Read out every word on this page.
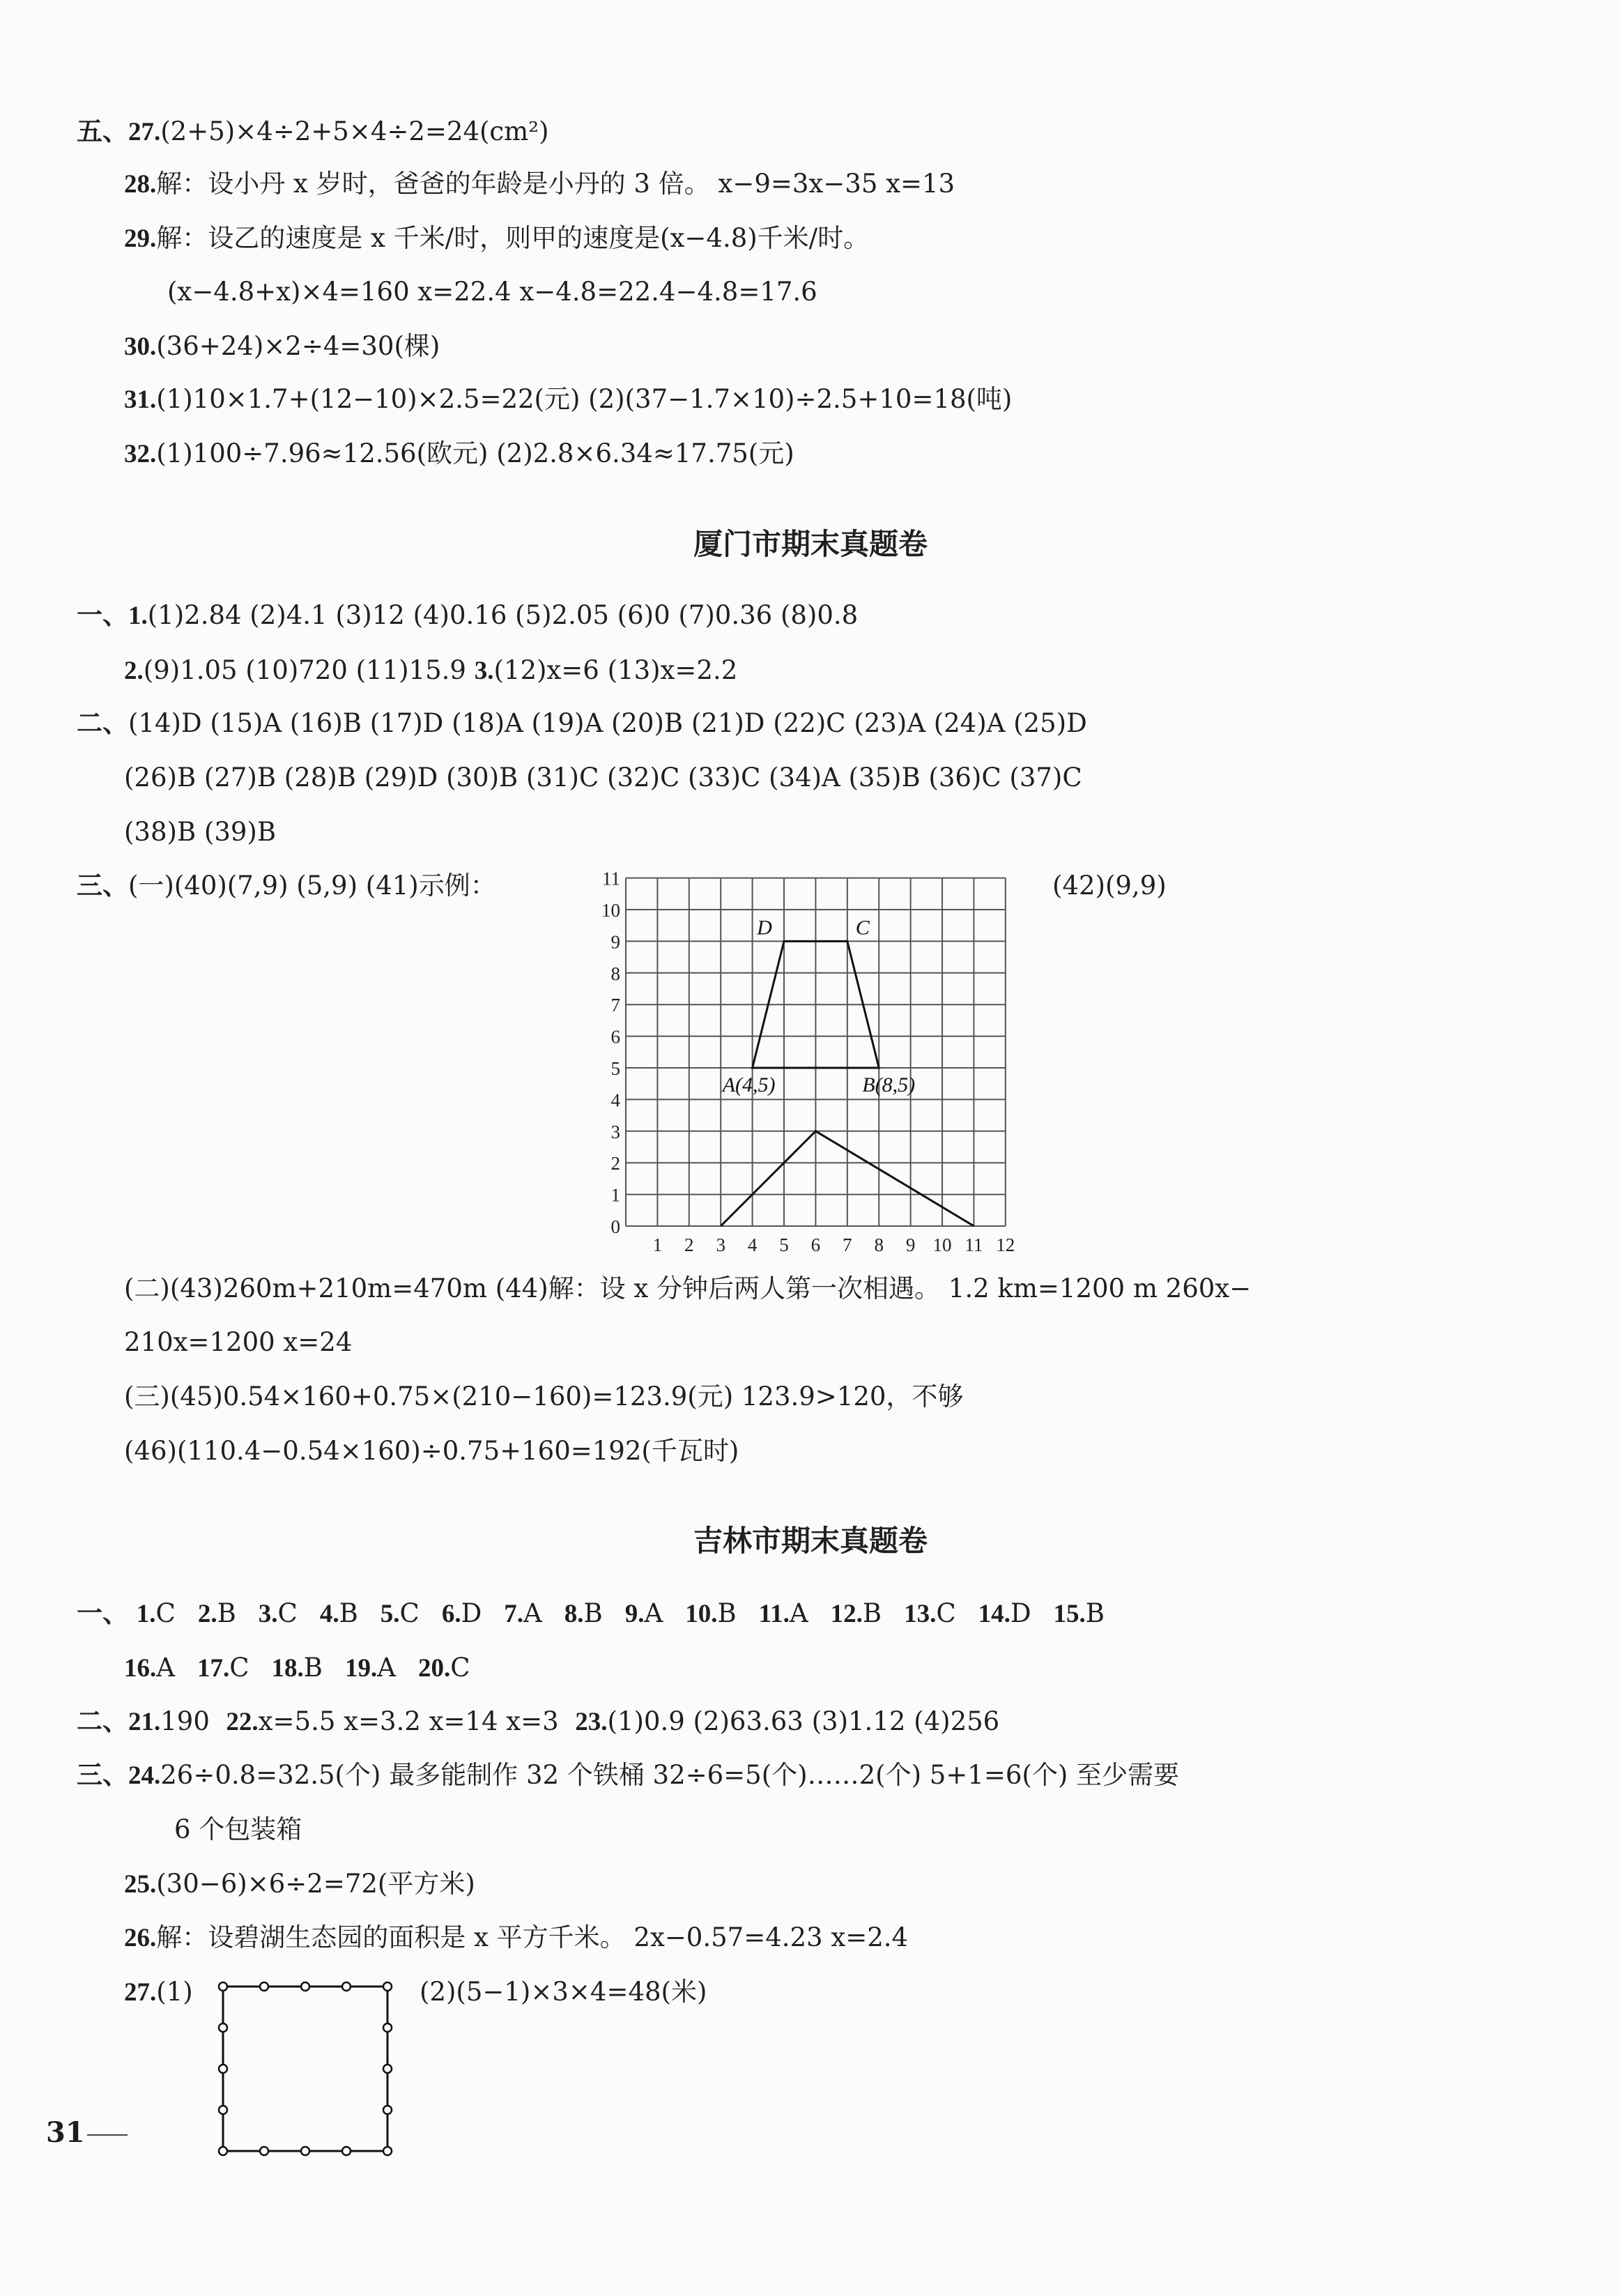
五、27.(2+5)×4÷2+5×4÷2=24(cm²)
28.解：设小丹 x 岁时，爸爸的年龄是小丹的 3 倍。 x−9=3x−35 x=13
29.解：设乙的速度是 x 千米/时，则甲的速度是(x−4.8)千米/时。
(x−4.8+x)×4=160 x=22.4 x−4.8=22.4−4.8=17.6
30.(36+24)×2÷4=30(棵)
31.(1)10×1.7+(12−10)×2.5=22(元) (2)(37−1.7×10)÷2.5+10=18(吨)
32.(1)100÷7.96≈12.56(欧元) (2)2.8×6.34≈17.75(元)
厦门市期末真题卷
一、1.(1)2.84 (2)4.1 (3)12 (4)0.16 (5)2.05 (6)0 (7)0.36 (8)0.8
2.(9)1.05 (10)720 (11)15.9 3.(12)x=6 (13)x=2.2
二、(14)D (15)A (16)B (17)D (18)A (19)A (20)B (21)D (22)C (23)A (24)A (25)D
(26)B (27)B (28)B (29)D (30)B (31)C (32)C (33)C (34)A (35)B (36)C (37)C
(38)B (39)B
三、(一)(40)(7,9) (5,9) (41)示例：	(42)(9,9)
1 2 3 4 5 6 7 8 9 10 11 12
0
1
2
3
4
5
6
7
8
9
10
11
D	C
A(4,5)	B(8,5)
(二)(43)260m+210m=470m (44)解：设 x 分钟后两人第一次相遇。 1.2 km=1200 m 260x−
210x=1200 x=24
(三)(45)0.54×160+0.75×(210−160)=123.9(元) 123.9>120，不够
(46)(110.4−0.54×160)÷0.75+160=192(千瓦时)
吉林市期末真题卷
一、 1.C 2.B 3.C 4.B 5.C 6.D 7.A 8.B 9.A 10.B 11.A 12.B 13.C 14.D 15.B
16.A 17.C 18.B 19.A 20.C
二、21.190  22.x=5.5 x=3.2 x=14 x=3  23.(1)0.9 (2)63.63 (3)1.12 (4)256
三、24.26÷0.8=32.5(个) 最多能制作 32 个铁桶 32÷6=5(个)……2(个) 5+1=6(个) 至少需要
6 个包装箱
25.(30−6)×6÷2=72(平方米)
26.解：设碧湖生态园的面积是 x 平方千米。 2x−0.57=4.23 x=2.4
27.(1)	(2)(5−1)×3×4=48(米)
31
